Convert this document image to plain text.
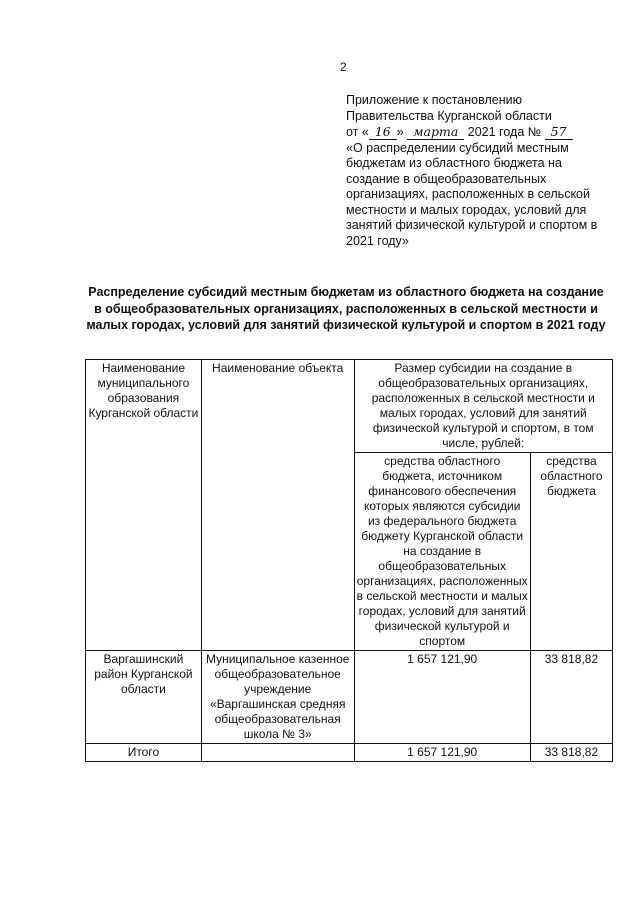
2
Приложение к постановлению
Правительства Курганской области
от « 16 » марта 2021 года № 57
«О распределении субсидий местным бюджетам из областного бюджета на создание в общеобразовательных организациях, расположенных в сельской местности и малых городах, условий для занятий физической культурой и спортом в 2021 году»
Распределение субсидий местным бюджетам из областного бюджета на создание в общеобразовательных организациях, расположенных в сельской местности и малых городах, условий для занятий физической культурой и спортом в 2021 году
Наименование муниципального образования Курганской области	Наименование объекта	Размер субсидии на создание в общеобразовательных организациях, расположенных в сельской местности и малых городах, условий для занятий физической культурой и спортом, в том числе, рублей:	
		средства областного бюджета, источником финансового обеспечения которых являются субсидии из федерального бюджета бюджету Курганской области на создание в общеобразовательных организациях, расположенных в сельской местности и малых городах, условий для занятий физической культурой и спортом	средства областного бюджета
Варгашинский район Курганской области	Муниципальное казенное общеобразовательное учреждение «Варгашинская средняя общеобразовательная школа № 3»	1 657 121,90	33 818,82
Итого		1 657 121,90	33 818,82
